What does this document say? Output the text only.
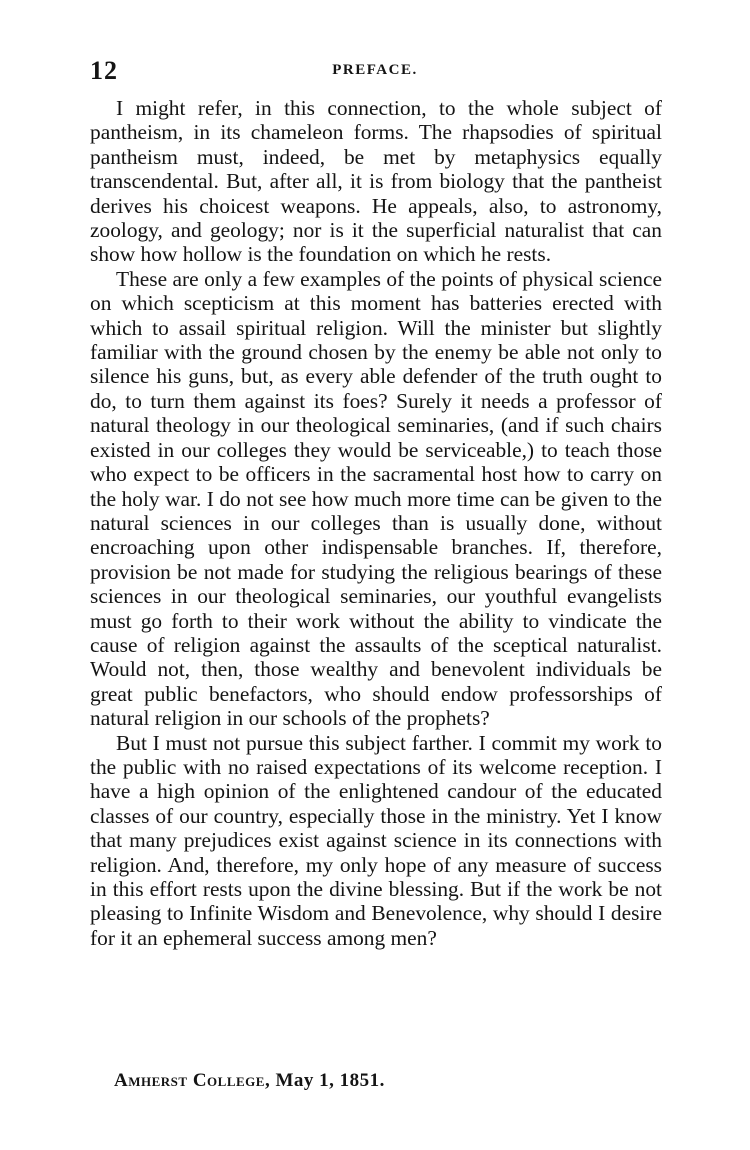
12	PREFACE.

I might refer, in this connection, to the whole subject of pantheism, in its chameleon forms. The rhapsodies of spiritual pantheism must, indeed, be met by metaphysics equally transcendental. But, after all, it is from biology that the pantheist derives his choicest weapons. He appeals, also, to astronomy, zoology, and geology; nor is it the superficial naturalist that can show how hollow is the foundation on which he rests.

These are only a few examples of the points of physical science on which scepticism at this moment has batteries erected with which to assail spiritual religion. Will the minister but slightly familiar with the ground chosen by the enemy be able not only to silence his guns, but, as every able defender of the truth ought to do, to turn them against its foes? Surely it needs a professor of natural theology in our theological seminaries, (and if such chairs existed in our colleges they would be serviceable,) to teach those who expect to be officers in the sacramental host how to carry on the holy war. I do not see how much more time can be given to the natural sciences in our colleges than is usually done, without encroaching upon other indispensable branches. If, therefore, provision be not made for studying the religious bearings of these sciences in our theological seminaries, our youthful evangelists must go forth to their work without the ability to vindicate the cause of religion against the assaults of the sceptical naturalist. Would not, then, those wealthy and benevolent individuals be great public benefactors, who should endow professorships of natural religion in our schools of the prophets?

But I must not pursue this subject farther. I commit my work to the public with no raised expectations of its welcome reception. I have a high opinion of the enlightened candour of the educated classes of our country, especially those in the ministry. Yet I know that many prejudices exist against science in its connections with religion. And, therefore, my only hope of any measure of success in this effort rests upon the divine blessing. But if the work be not pleasing to Infinite Wisdom and Benevolence, why should I desire for it an ephemeral success among men?

Amherst College, May 1, 1851.
